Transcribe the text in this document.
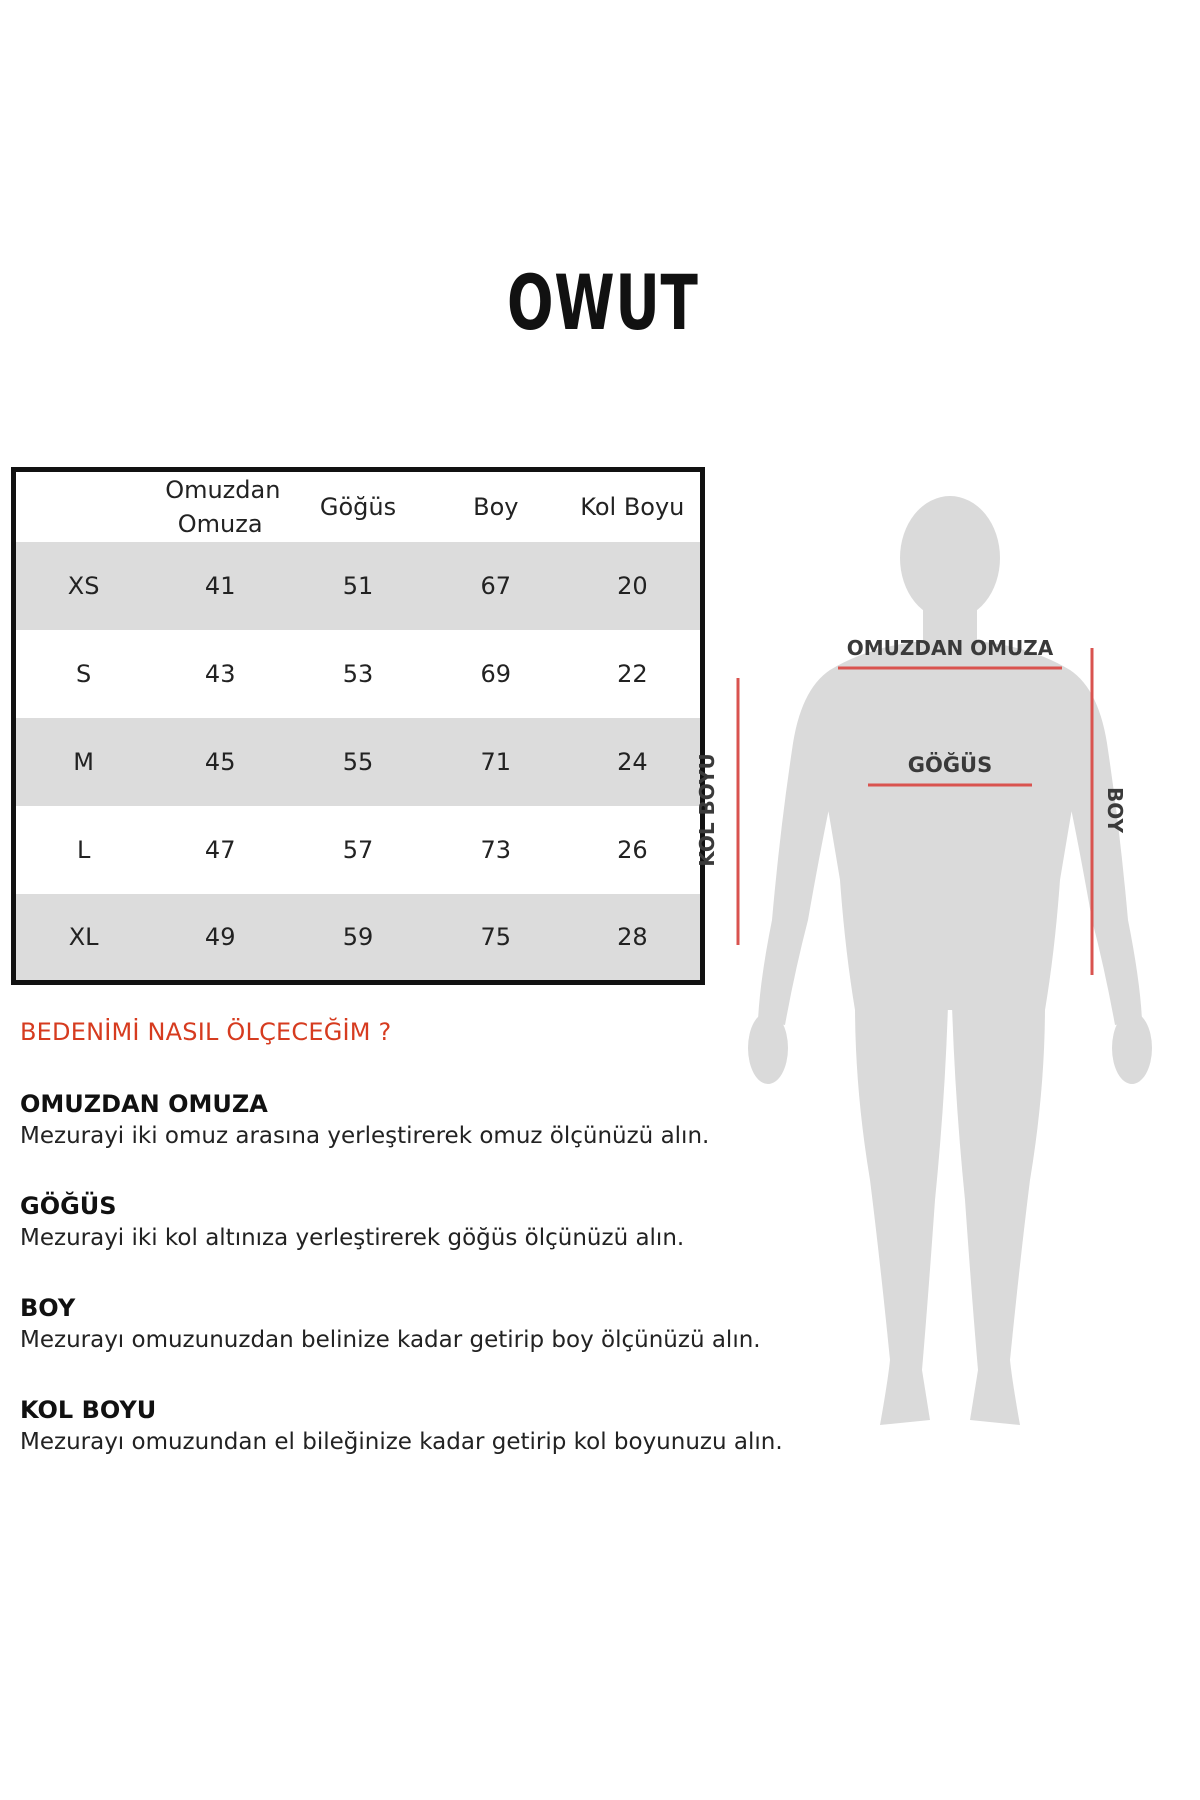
OWUT
	Omuzdan Omuza	Göğüs	Boy	Kol Boyu
XS	41	51	67	20
S	43	53	69	22
M	45	55	71	24
L	47	57	73	26
XL	49	59	75	28
BEDENİMİ NASIL ÖLÇECEĞİM ?
OMUZDAN OMUZA

Mezurayi iki omuz arasına yerleştirerek omuz ölçünüzü alın.

GÖĞÜS

Mezurayi iki kol altınıza yerleştirerek göğüs ölçünüzü alın.

BOY

Mezurayı omuzunuzdan belinize kadar getirip boy ölçünüzü alın.

KOL BOYU

Mezurayı omuzundan el bileğinize kadar getirip kol boyunuzu alın.

OMUZDAN OMUZA
GÖĞÜS
KOL BOYU	BOY
